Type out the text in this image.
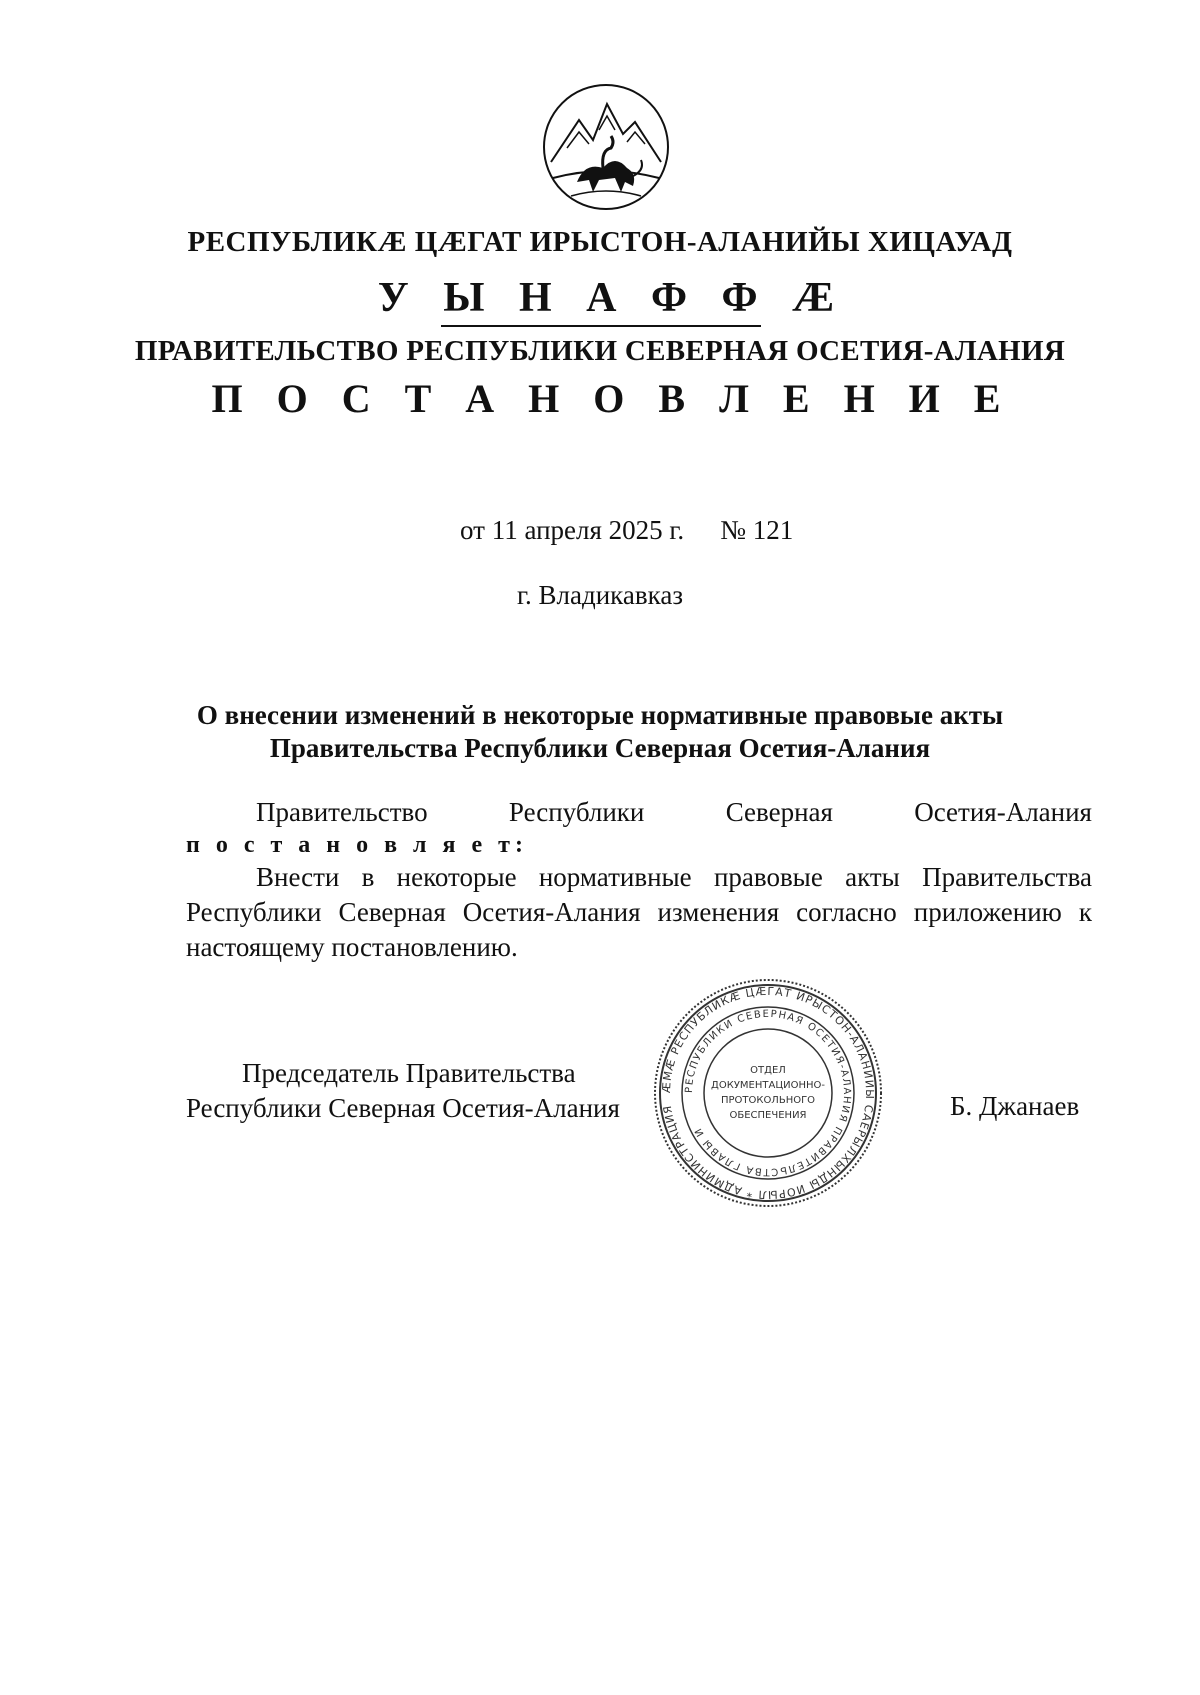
РЕСПУБЛИКÆ ЦÆГАТ ИРЫСТОН-АЛАНИЙЫ ХИЦАУАД
У Ы Н А Ф Ф Æ
ПРАВИТЕЛЬСТВО РЕСПУБЛИКИ СЕВЕРНАЯ ОСЕТИЯ-АЛАНИЯ
П О С Т А Н О В Л Е Н И Е
от 11 апреля 2025 г. № 121
г. Владикавказ
О внесении изменений в некоторые нормативные правовые акты
Правительства Республики Северная Осетия-Алания
Правительство	Республики	Северная	Осетия-Алания
п о с т а н о в л я е т:
Внести в некоторые нормативные правовые акты Правительства Республики Северная Осетия-Алания изменения согласно приложению к настоящему постановлению.
Председатель Правительства
Республики Северная Осетия-Алания	Б. Джанаев
ÆМÆ РЕСПУБЛИКÆ ЦÆГАТ ИРЫСТОН-АЛАНИЙЫ САЕРЫЛХЫНДЫ ЙОРЫЛ * АДМИНИСТРАЦИЯ
РЕСПУБЛИКИ СЕВЕРНАЯ ОСЕТИЯ-АЛАНИЯ ПРАВИТЕЛЬСТВА ГЛАВЫ И
ОТДЕЛ
ДОКУМЕНТАЦИОННО-
ПРОТОКОЛЬНОГО
ОБЕСПЕЧЕНИЯ
